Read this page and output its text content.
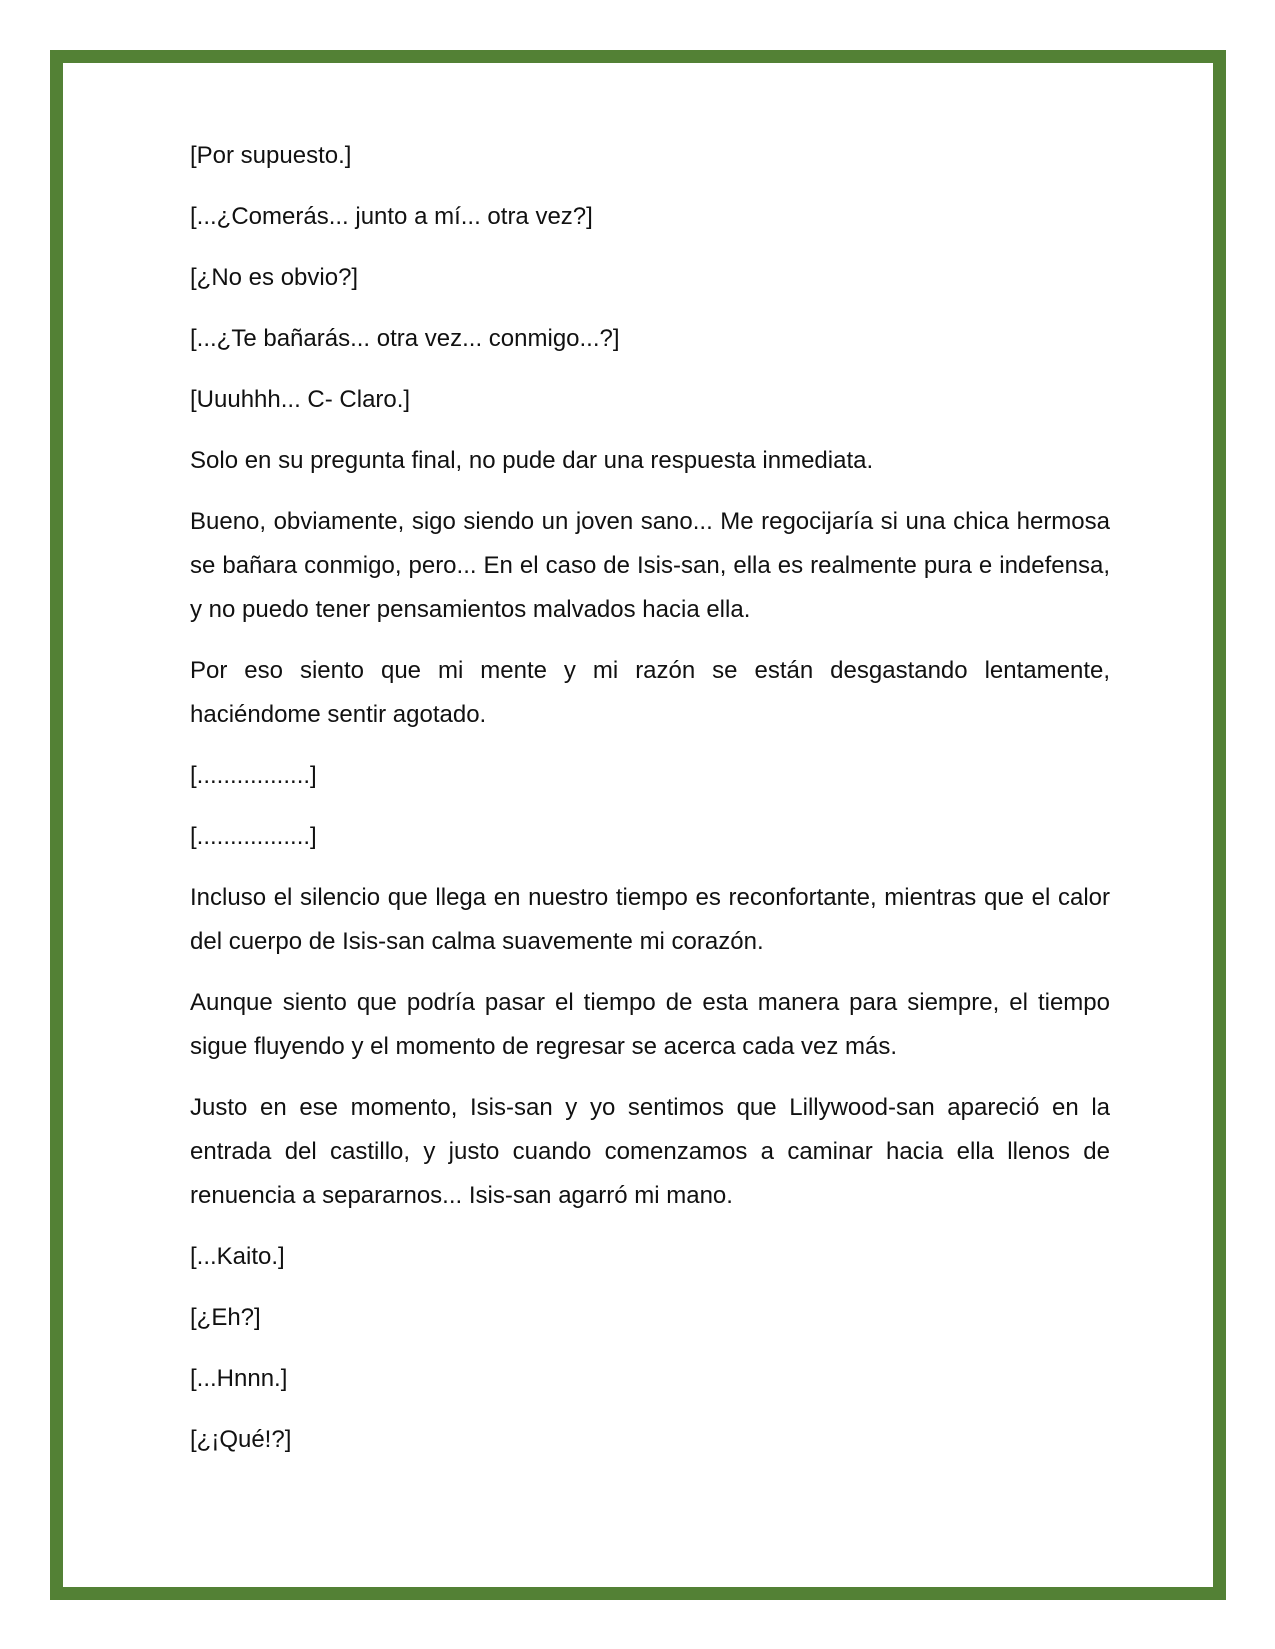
[Por supuesto.]

[...¿Comerás... junto a mí... otra vez?]

[¿No es obvio?]

[...¿Te bañarás... otra vez... conmigo...?]

[Uuuhhh... C- Claro.]

Solo en su pregunta final, no pude dar una respuesta inmediata.

Bueno, obviamente, sigo siendo un joven sano... Me regocijaría si una chica hermosa se bañara conmigo, pero... En el caso de Isis-san, ella es realmente pura e indefensa, y no puedo tener pensamientos malvados hacia ella.

Por eso siento que mi mente y mi razón se están desgastando lentamente, haciéndome sentir agotado.

[.................]

[.................]

Incluso el silencio que llega en nuestro tiempo es reconfortante, mientras que el calor del cuerpo de Isis-san calma suavemente mi corazón.

Aunque siento que podría pasar el tiempo de esta manera para siempre, el tiempo sigue fluyendo y el momento de regresar se acerca cada vez más.

Justo en ese momento, Isis-san y yo sentimos que Lillywood-san apareció en la entrada del castillo, y justo cuando comenzamos a caminar hacia ella llenos de renuencia a separarnos... Isis-san agarró mi mano.

[...Kaito.]

[¿Eh?]

[...Hnnn.]

[¿¡Qué!?]
